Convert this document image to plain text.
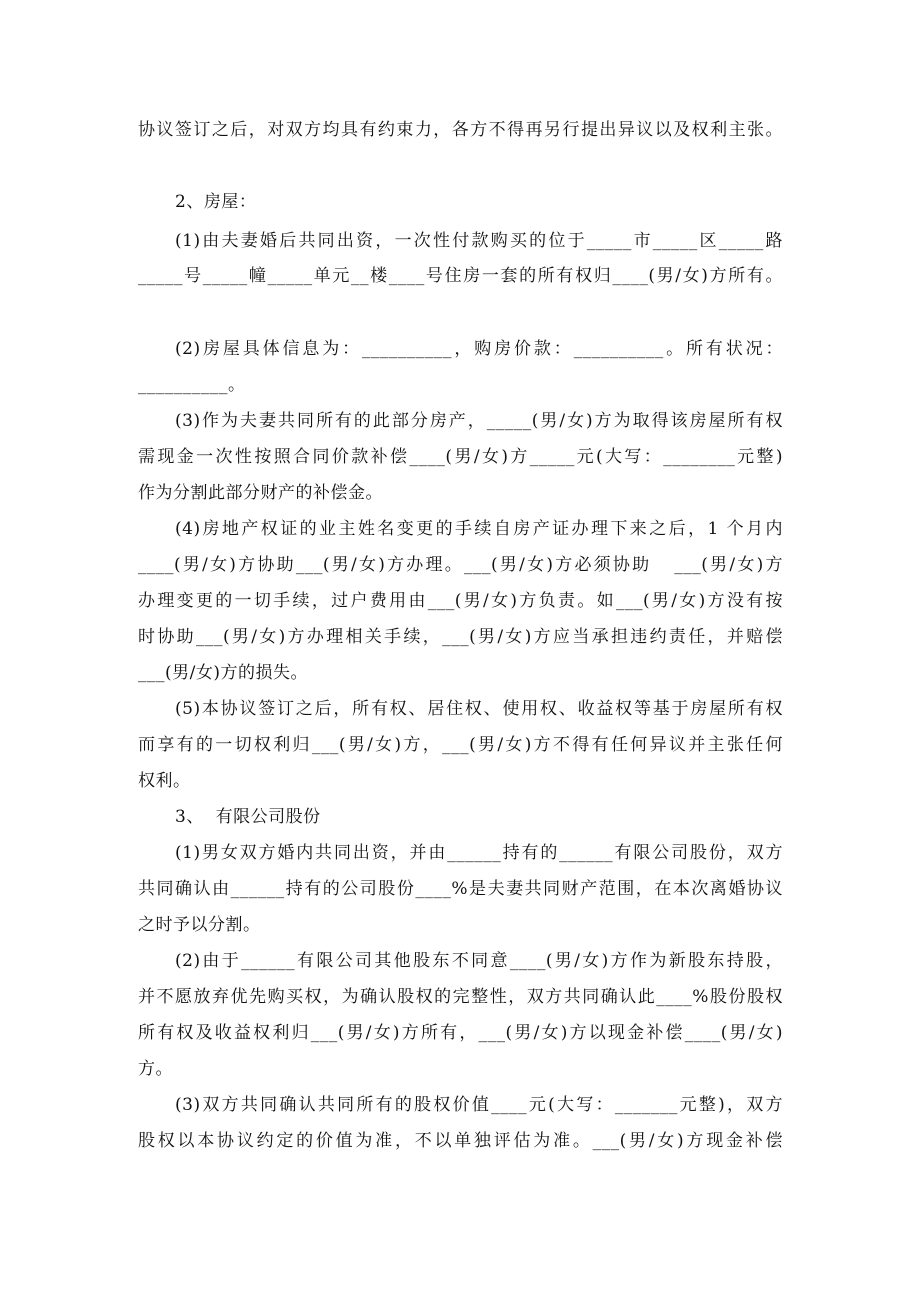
协议签订之后，对双方均具有约束力，各方不得再另行提出异议以及权利主张。
2、房屋：
(1)由夫妻婚后共同出资，一次性付款购买的位于_____市_____区_____路
_____号_____幢_____单元__楼____号住房一套的所有权归____(男/女)方所有。
(2)房屋具体信息为：__________，购房价款：__________。所有状况：
__________。
(3)作为夫妻共同所有的此部分房产，_____(男/女)方为取得该房屋所有权
需现金一次性按照合同价款补偿____(男/女)方_____元(大写：________元整)
作为分割此部分财产的补偿金。
(4)房地产权证的业主姓名变更的手续自房产证办理下来之后，1 个月内
____(男/女)方协助___(男/女)方办理。___(男/女)方必须协助   ___(男/女)方
办理变更的一切手续，过户费用由___(男/女)方负责。如___(男/女)方没有按
时协助___(男/女)方办理相关手续，___(男/女)方应当承担违约责任，并赔偿
___(男/女)方的损失。
(5)本协议签订之后，所有权、居住权、使用权、收益权等基于房屋所有权
而享有的一切权利归___(男/女)方，___(男/女)方不得有任何异议并主张任何
权利。
3、  有限公司股份
(1)男女双方婚内共同出资，并由______持有的______有限公司股份，双方
共同确认由______持有的公司股份____%是夫妻共同财产范围，在本次离婚协议
之时予以分割。
(2)由于______有限公司其他股东不同意____(男/女)方作为新股东持股，
并不愿放弃优先购买权，为确认股权的完整性，双方共同确认此____%股份股权
所有权及收益权利归___(男/女)方所有，___(男/女)方以现金补偿____(男/女)
方。
(3)双方共同确认共同所有的股权价值____元(大写：_______元整)，双方
股权以本协议约定的价值为准，不以单独评估为准。___(男/女)方现金补偿
